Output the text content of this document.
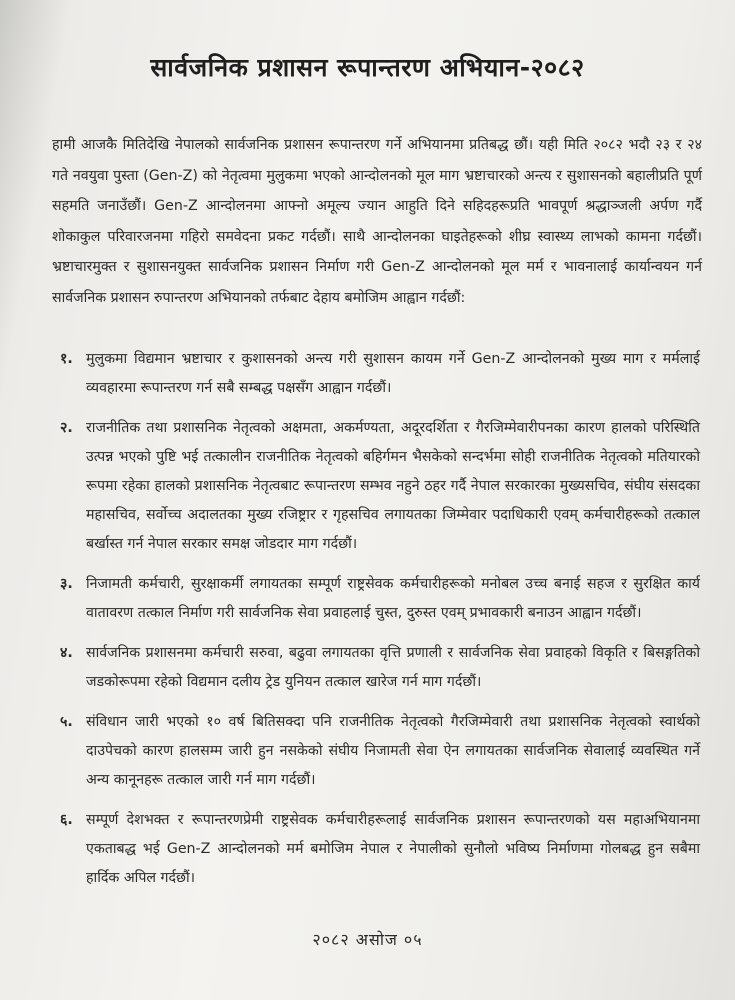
सार्वजनिक प्रशासन रूपान्तरण अभियान-२०८२
हामी आजकै मितिदेखि नेपालको सार्वजनिक प्रशासन रूपान्तरण गर्ने अभियानमा प्रतिबद्ध छौं। यही मिति २०८२ भदौ २३ र २४ गते नवयुवा पुस्ता (Gen-Z) को नेतृत्वमा मुलुकमा भएको आन्दोलनको मूल माग भ्रष्टाचारको अन्त्य र सुशासनको बहालीप्रति पूर्ण सहमति जनाउँछौं। Gen-Z आन्दोलनमा आफ्नो अमूल्य ज्यान आहुति दिने सहिदहरूप्रति भावपूर्ण श्रद्धाञ्जली अर्पण गर्दै शोकाकुल परिवारजनमा गहिरो समवेदना प्रकट गर्दछौं। साथै आन्दोलनका घाइतेहरूको शीघ्र स्वास्थ्य लाभको कामना गर्दछौं। भ्रष्टाचारमुक्त र सुशासनयुक्त सार्वजनिक प्रशासन निर्माण गरी Gen-Z आन्दोलनको मूल मर्म र भावनालाई कार्यान्वयन गर्न सार्वजनिक प्रशासन रुपान्तरण अभियानको तर्फबाट देहाय बमोजिम आह्वान गर्दछौं:
१. मुलुकमा विद्यमान भ्रष्टाचार र कुशासनको अन्त्य गरी सुशासन कायम गर्ने Gen-Z आन्दोलनको मुख्य माग र मर्मलाई व्यवहारमा रूपान्तरण गर्न सबै सम्बद्ध पक्षसँग आह्वान गर्दछौं।
२. राजनीतिक तथा प्रशासनिक नेतृत्वको अक्षमता, अकर्मण्यता, अदूरदर्शिता र गैरजिम्मेवारीपनका कारण हालको परिस्थिति उत्पन्न भएको पुष्टि भई तत्कालीन राजनीतिक नेतृत्वको बहिर्गमन भैसकेको सन्दर्भमा सोही राजनीतिक नेतृत्वको मतियारको रूपमा रहेका हालको प्रशासनिक नेतृत्वबाट रूपान्तरण सम्भव नहुने ठहर गर्दै नेपाल सरकारका मुख्यसचिव, संघीय संसदका महासचिव, सर्वोच्च अदालतका मुख्य रजिष्ट्रार र गृहसचिव लगायतका जिम्मेवार पदाधिकारी एवम् कर्मचारीहरूको तत्काल बर्खास्त गर्न नेपाल सरकार समक्ष जोडदार माग गर्दछौं।
३. निजामती कर्मचारी, सुरक्षाकर्मी लगायतका सम्पूर्ण राष्ट्रसेवक कर्मचारीहरूको मनोबल उच्च बनाई सहज र सुरक्षित कार्य वातावरण तत्काल निर्माण गरी सार्वजनिक सेवा प्रवाहलाई चुस्त, दुरुस्त एवम् प्रभावकारी बनाउन आह्वान गर्दछौं।
४. सार्वजनिक प्रशासनमा कर्मचारी सरुवा, बढुवा लगायतका वृत्ति प्रणाली र सार्वजनिक सेवा प्रवाहको विकृति र बिसङ्गतिको जडकोरूपमा रहेको विद्यमान दलीय ट्रेड युनियन तत्काल खारेज गर्न माग गर्दछौं।
५. संविधान जारी भएको १० वर्ष बितिसक्दा पनि राजनीतिक नेतृत्वको गैरजिम्मेवारी तथा प्रशासनिक नेतृत्वको स्वार्थको दाउपेचको कारण हालसम्म जारी हुन नसकेको संघीय निजामती सेवा ऐन लगायतका सार्वजनिक सेवालाई व्यवस्थित गर्ने अन्य कानूनहरू तत्काल जारी गर्न माग गर्दछौं।
६. सम्पूर्ण देशभक्त र रूपान्तरणप्रेमी राष्ट्रसेवक कर्मचारीहरूलाई सार्वजनिक प्रशासन रूपान्तरणको यस महाअभियानमा एकताबद्ध भई Gen-Z आन्दोलनको मर्म बमोजिम नेपाल र नेपालीको सुनौलो भविष्य निर्माणमा गोलबद्ध हुन सबैमा हार्दिक अपिल गर्दछौं।
२०८२ असोज ०५
